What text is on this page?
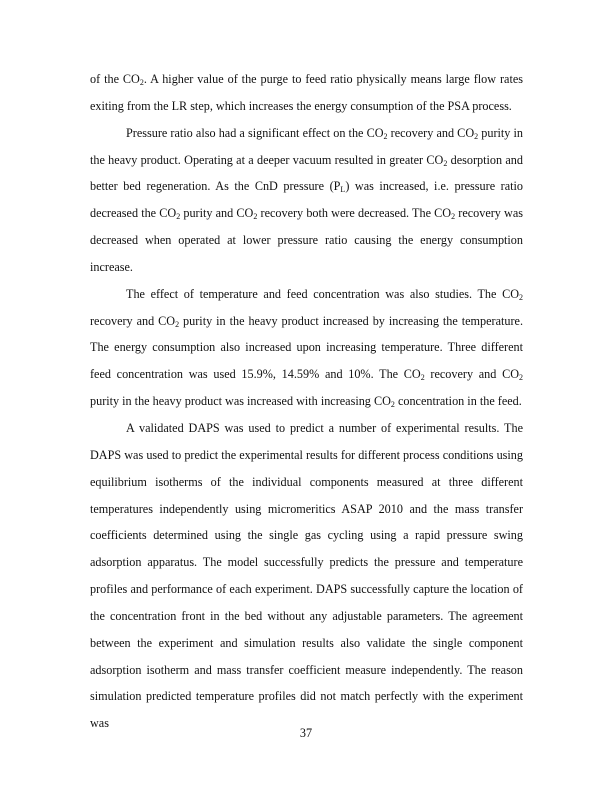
of the $CO_2$. A higher value of the purge to feed ratio physically means large flow rates exiting from the LR step, which increases the energy consumption of the PSA process.

Pressure ratio also had a significant effect on the $CO_2$ recovery and $CO_2$ purity in the heavy product. Operating at a deeper vacuum resulted in greater $CO_2$ desorption and better bed regeneration. As the CnD pressure $(P_L)$ was increased, i.e. pressure ratio decreased the $CO_2$ purity and $CO_2$ recovery both were decreased. The $CO_2$ recovery was decreased when operated at lower pressure ratio causing the energy consumption increase.

The effect of temperature and feed concentration was also studies. The $CO_2$ recovery and $CO_2$ purity in the heavy product increased by increasing the temperature. The energy consumption also increased upon increasing temperature. Three different feed concentration was used 15.9%, 14.59% and 10%. The $CO_2$ recovery and $CO_2$ purity in the heavy product was increased with increasing $CO_2$ concentration in the feed.

A validated DAPS was used to predict a number of experimental results. The DAPS was used to predict the experimental results for different process conditions using equilibrium isotherms of the individual components measured at three different temperatures independently using micromeritics ASAP 2010 and the mass transfer coefficients determined using the single gas cycling using a rapid pressure swing adsorption apparatus. The model successfully predicts the pressure and temperature profiles and performance of each experiment. DAPS successfully capture the location of the concentration front in the bed without any adjustable parameters. The agreement between the experiment and simulation results also validate the single component adsorption isotherm and mass transfer coefficient measure independently. The reason simulation predicted temperature profiles did not match perfectly with the experiment was

37
